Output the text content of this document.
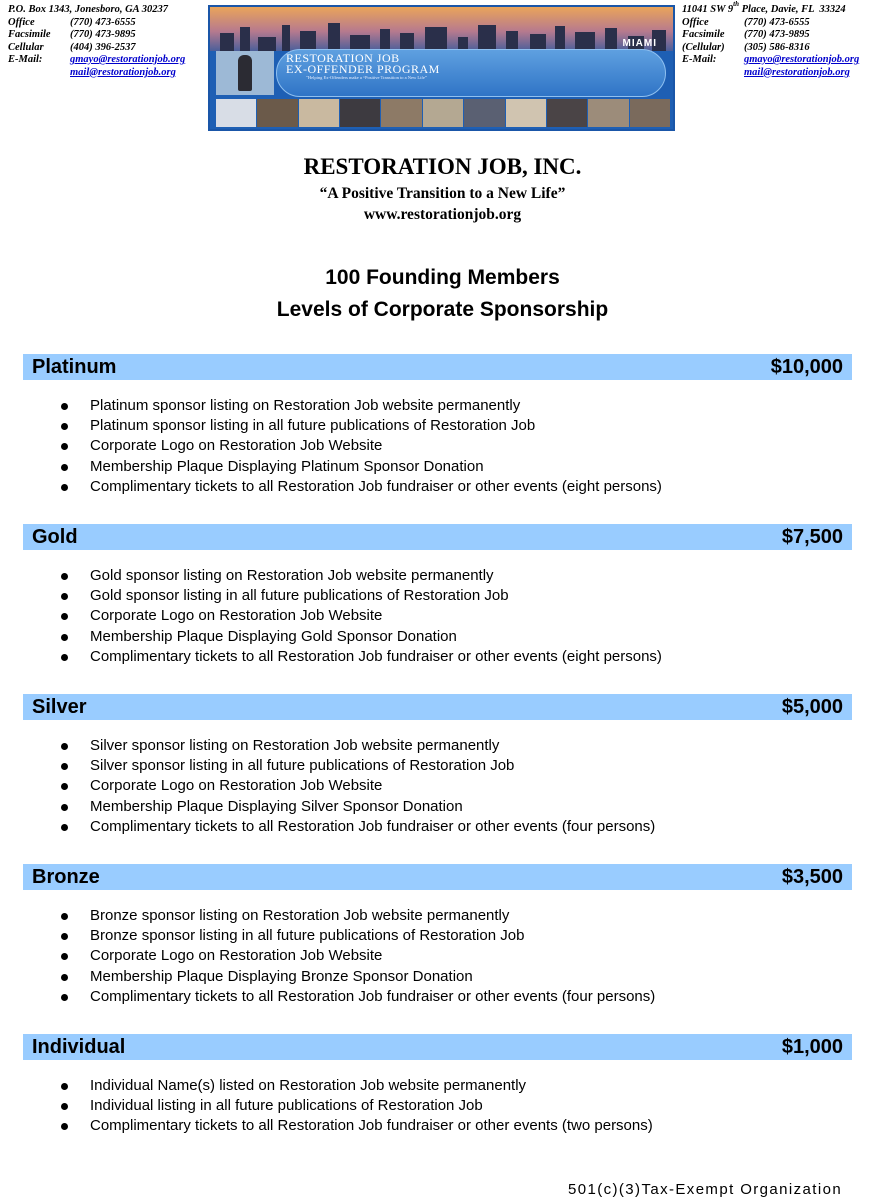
P.O. Box 1343, Jonesboro, GA 30237
Office	(770) 473-6555
Facsimile	(770) 473-9895
Cellular	(404) 396-2537
E-Mail:	gmayo@restorationjob.org
mail@restorationjob.org
MIAMI
RESTORATION JOB
EX-OFFENDER PROGRAM
"Helping Ex-Offenders make a “Positive Transition to a New Life”
11041 SW 9 th Place, Davie, FL  33324
Office	(770) 473-6555
Facsimile	(770) 473-9895
(Cellular)	(305) 586-8316
E-Mail:	gmayo@restorationjob.org
mail@restorationjob.org
RESTORATION JOB, INC.
“A Positive Transition to a New Life”
www.restorationjob.org
100 Founding Members
Levels of Corporate Sponsorship
Platinum	$10,000
Platinum sponsor listing on Restoration Job website permanently
Platinum sponsor listing in all future publications of Restoration Job
Corporate Logo on Restoration Job Website
Membership Plaque Displaying Platinum Sponsor Donation
Complimentary tickets to all Restoration Job fundraiser or other events (eight persons)
Gold	$7,500
Gold sponsor listing on Restoration Job website permanently
Gold sponsor listing in all future publications of Restoration Job
Corporate Logo on Restoration Job Website
Membership Plaque Displaying Gold Sponsor Donation
Complimentary tickets to all Restoration Job fundraiser or other events (eight persons)
Silver	$5,000
Silver sponsor listing on Restoration Job website permanently
Silver sponsor listing in all future publications of Restoration Job
Corporate Logo on Restoration Job Website
Membership Plaque Displaying Silver Sponsor Donation
Complimentary tickets to all Restoration Job fundraiser or other events (four persons)
Bronze	$3,500
Bronze sponsor listing on Restoration Job website permanently
Bronze sponsor listing in all future publications of Restoration Job
Corporate Logo on Restoration Job Website
Membership Plaque Displaying Bronze Sponsor Donation
Complimentary tickets to all Restoration Job fundraiser or other events (four persons)
Individual	$1,000
Individual Name(s) listed on Restoration Job website permanently
Individual listing in all future publications of Restoration Job
Complimentary tickets to all Restoration Job fundraiser or other events (two persons)
501(c)(3)Tax-Exempt Organization
